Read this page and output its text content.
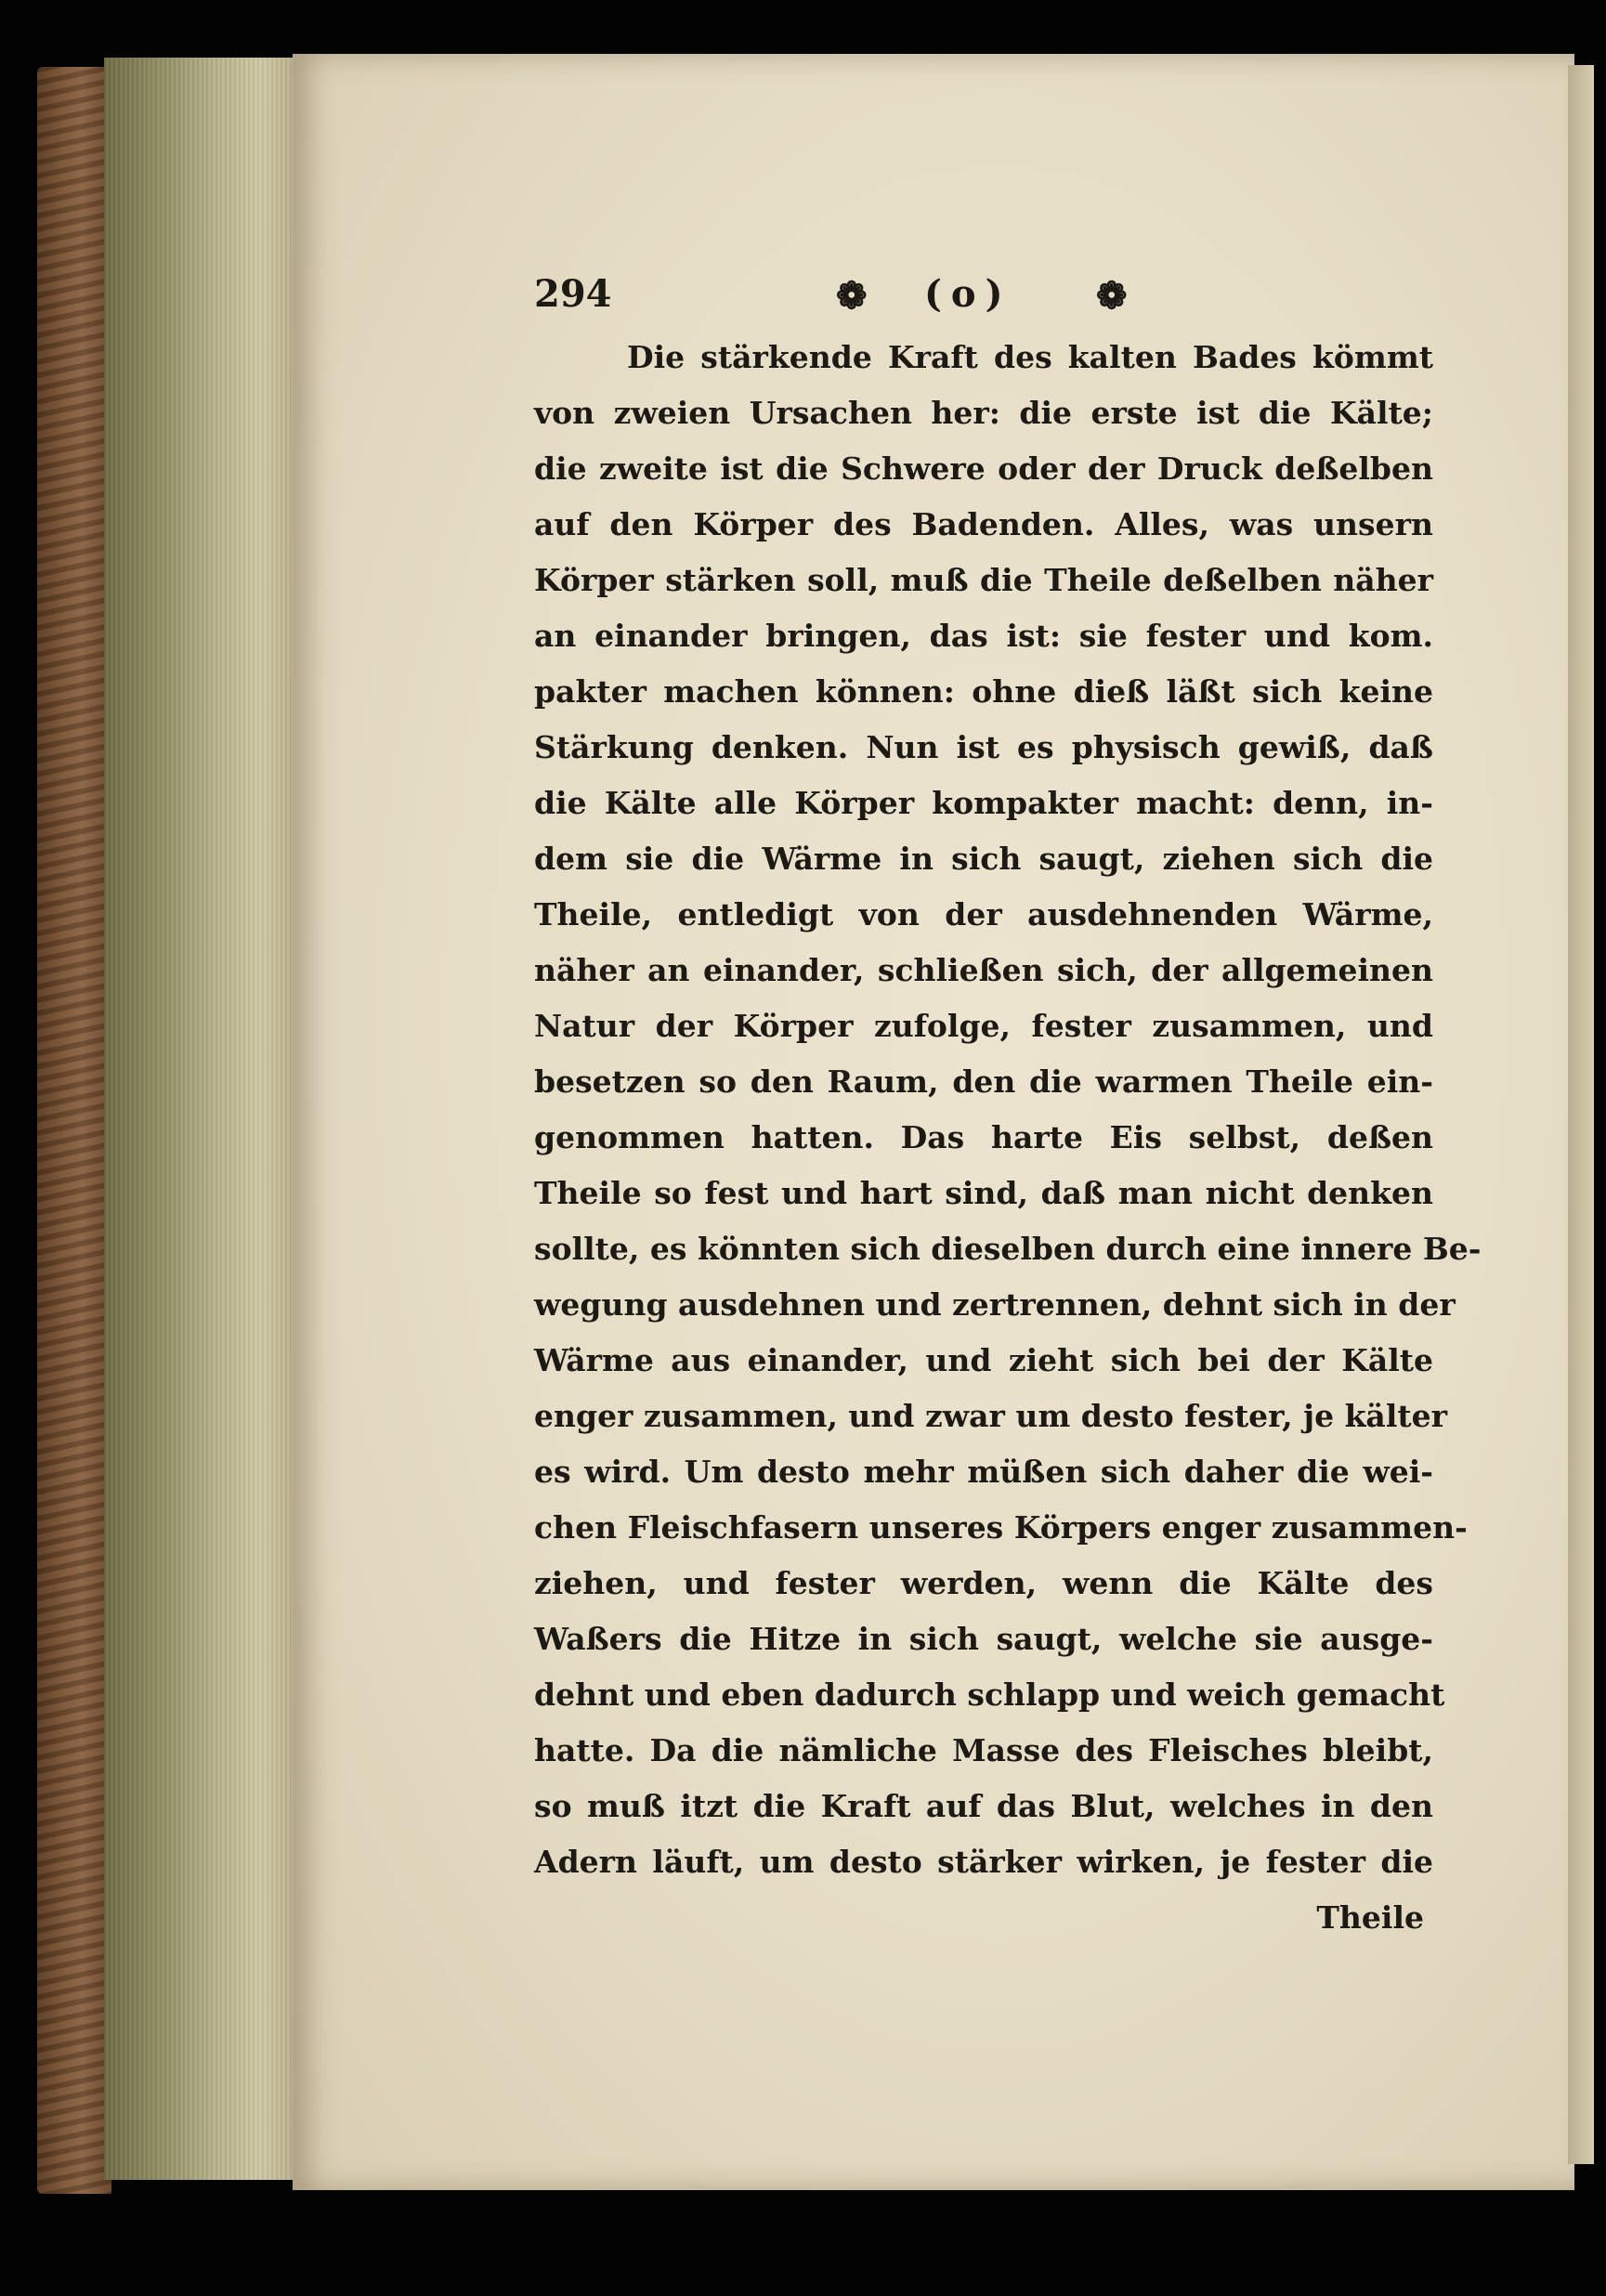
294	❁ (o) ❁
Die stärkende Kraft des kalten Bades kömmt
von zweien Ursachen her: die erste ist die Kälte;
die zweite ist die Schwere oder der Druck deßelben
auf den Körper des Badenden. Alles, was unsern
Körper stärken soll, muß die Theile deßelben näher
an einander bringen, das ist: sie fester und kom.
pakter machen können: ohne dieß läßt sich keine
Stärkung denken. Nun ist es physisch gewiß, daß
die Kälte alle Körper kompakter macht: denn, in-
dem sie die Wärme in sich saugt, ziehen sich die
Theile, entledigt von der ausdehnenden Wärme,
näher an einander, schließen sich, der allgemeinen
Natur der Körper zufolge, fester zusammen, und
besetzen so den Raum, den die warmen Theile ein-
genommen hatten. Das harte Eis selbst, deßen
Theile so fest und hart sind, daß man nicht denken
sollte, es könnten sich dieselben durch eine innere Be-
wegung ausdehnen und zertrennen, dehnt sich in der
Wärme aus einander, und zieht sich bei der Kälte
enger zusammen, und zwar um desto fester, je kälter
es wird. Um desto mehr müßen sich daher die wei-
chen Fleischfasern unseres Körpers enger zusammen-
ziehen, und fester werden, wenn die Kälte des
Waßers die Hitze in sich saugt, welche sie ausge-
dehnt und eben dadurch schlapp und weich gemacht
hatte. Da die nämliche Masse des Fleisches bleibt,
so muß itzt die Kraft auf das Blut, welches in den
Adern läuft, um desto stärker wirken, je fester die
Theile
